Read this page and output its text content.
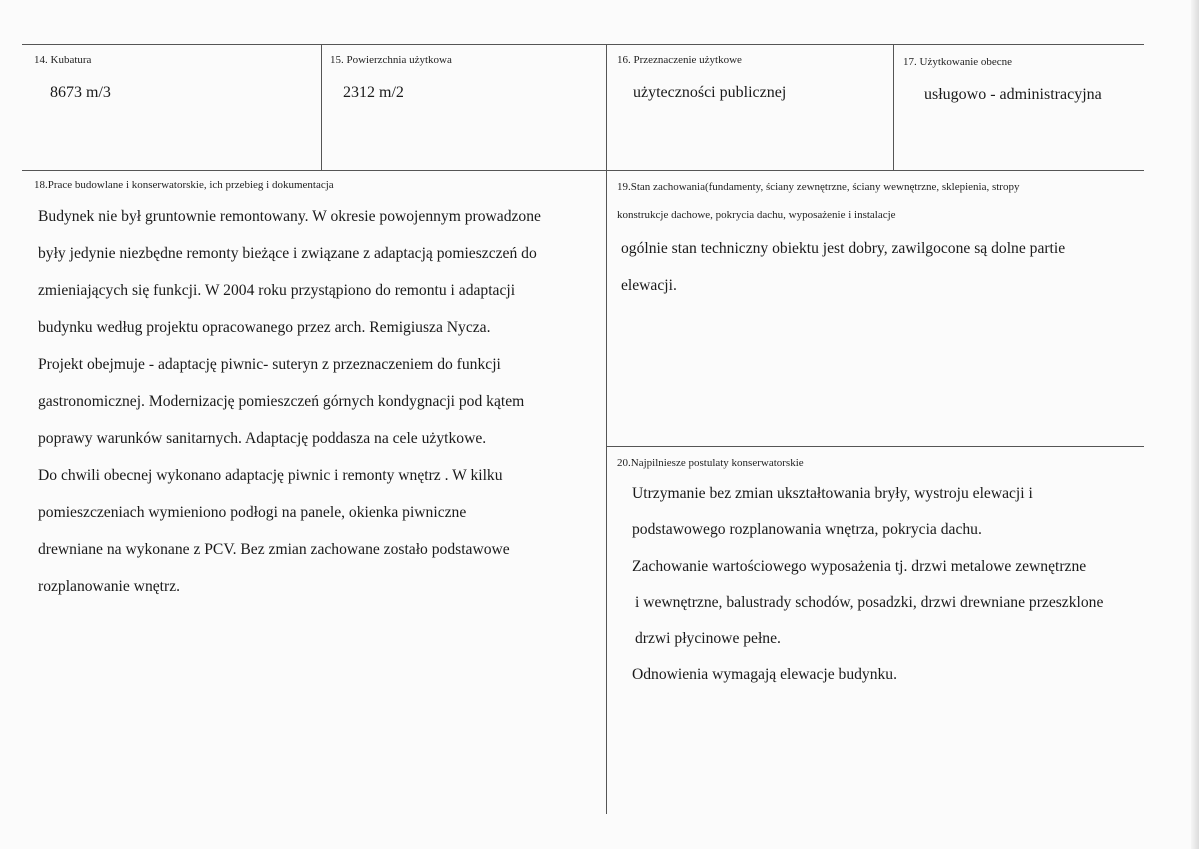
14. Kubatura
8673 m/3
15. Powierzchnia użytkowa
2312 m/2
16. Przeznaczenie użytkowe
użyteczności publicznej
17. Użytkowanie obecne
usługowo - administracyjna
18.Prace budowlane i konserwatorskie, ich przebieg i dokumentacja
Budynek nie był gruntownie remontowany. W okresie powojennym prowadzone
były jedynie niezbędne remonty bieżące i związane z adaptacją pomieszczeń do
zmieniających się funkcji. W 2004 roku przystąpiono do remontu i adaptacji
budynku według projektu opracowanego przez arch. Remigiusza Nycza.
Projekt obejmuje - adaptację piwnic- suteryn z przeznaczeniem do funkcji
gastronomicznej. Modernizację pomieszczeń górnych kondygnacji pod kątem
poprawy warunków sanitarnych. Adaptację poddasza na cele użytkowe.
Do chwili obecnej wykonano adaptację piwnic i remonty wnętrz . W kilku
pomieszczeniach wymieniono podłogi na panele, okienka piwniczne
drewniane na wykonane z PCV. Bez zmian zachowane zostało podstawowe
rozplanowanie wnętrz.
19.Stan zachowania(fundamenty, ściany zewnętrzne, ściany wewnętrzne, sklepienia, stropy
konstrukcje dachowe, pokrycia dachu, wyposażenie i instalacje
ogólnie stan techniczny obiektu jest dobry, zawilgocone są dolne partie
elewacji.
20.Najpilniesze postulaty konserwatorskie
Utrzymanie bez zmian ukształtowania bryły, wystroju elewacji i
podstawowego rozplanowania wnętrza, pokrycia dachu.
Zachowanie wartościowego wyposażenia tj. drzwi metalowe zewnętrzne
i wewnętrzne, balustrady schodów, posadzki, drzwi drewniane przeszklone
drzwi płycinowe pełne.
Odnowienia wymagają elewacje budynku.
